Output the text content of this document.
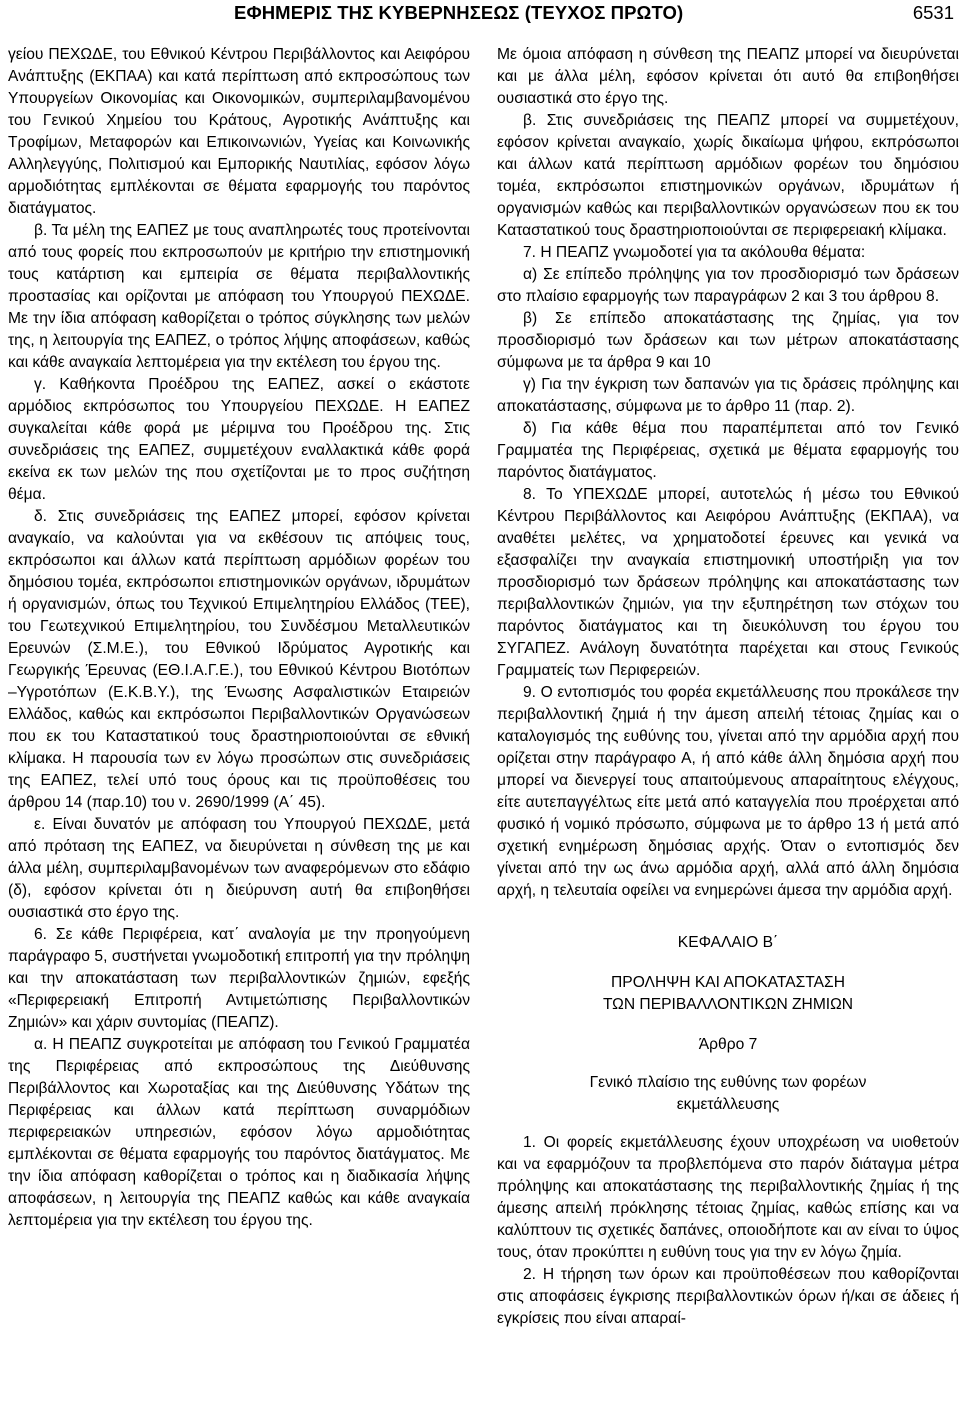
ΕΦΗΜΕΡΙΣ ΤΗΣ ΚΥΒΕΡΝΗΣΕΩΣ (ΤΕΥΧΟΣ ΠΡΩΤΟ)	6531

γείου ΠΕΧΩΔΕ, του Εθνικού Κέντρου Περιβάλλοντος και Αειφόρου Ανάπτυξης (ΕΚΠΑΑ) και κατά περίπτωση από εκπροσώπους των Υπουργείων Οικονομίας και Οικονομικών, συμπεριλαμβανομένου του Γενικού Χημείου του Κράτους, Αγροτικής Ανάπτυξης και Τροφίμων, Μεταφορών και Επικοινωνιών, Υγείας και Κοινωνικής Αλληλεγγύης, Πολιτισμού και Εμπορικής Ναυτιλίας, εφόσον λόγω αρμοδιότητας εμπλέκονται σε θέματα εφαρμογής του παρόντος διατάγματος.

β. Τα μέλη της ΕΑΠΕΖ με τους αναπληρωτές τους προτείνονται από τους φορείς που εκπροσωπούν με κριτήριο την επιστημονική τους κατάρτιση και εμπειρία σε θέματα περιβαλλοντικής προστασίας και ορίζονται με απόφαση του Υπουργού ΠΕΧΩΔΕ. Με την ίδια απόφαση καθορίζεται ο τρόπος σύγκλησης των μελών της, η λειτουργία της ΕΑΠΕΖ, ο τρόπος λήψης αποφάσεων, καθώς και κάθε αναγκαία λεπτομέρεια για την εκτέλεση του έργου της.

γ. Καθήκοντα Προέδρου της ΕΑΠΕΖ, ασκεί ο εκάστοτε αρμόδιος εκπρόσωπος του Υπουργείου ΠΕΧΩΔΕ. Η ΕΑΠΕΖ συγκαλείται κάθε φορά με μέριμνα του Προέδρου της. Στις συνεδριάσεις της ΕΑΠΕΖ, συμμετέχουν εναλλακτικά κάθε φορά εκείνα εκ των μελών της που σχετίζονται με το προς συζήτηση θέμα.

δ. Στις συνεδριάσεις της ΕΑΠΕΖ μπορεί, εφόσον κρίνεται αναγκαίο, να καλούνται για να εκθέσουν τις απόψεις τους, εκπρόσωποι και άλλων κατά περίπτωση αρμόδιων φορέων του δημόσιου τομέα, εκπρόσωποι επιστημονικών οργάνων, ιδρυμάτων ή οργανισμών, όπως του Τεχνικού Επιμελητηρίου Ελλάδος (ΤΕΕ), του Γεωτεχνικού Επιμελητηρίου, του Συνδέσμου Μεταλλευτικών Ερευνών (Σ.Μ.Ε.), του Εθνικού Ιδρύματος Αγροτικής και Γεωργικής Έρευνας (ΕΘ.Ι.Α.Γ.Ε.), του Εθνικού Κέντρου Βιοτόπων –Υγροτόπων (Ε.Κ.Β.Υ.), της Ένωσης Ασφαλιστικών Εταιρειών Ελλάδος, καθώς και εκπρόσωποι Περιβαλλοντικών Οργανώσεων που εκ του Καταστατικού τους δραστηριοποιούνται σε εθνική κλίμακα. Η παρουσία των εν λόγω προσώπων στις συνεδριάσεις της ΕΑΠΕΖ, τελεί υπό τους όρους και τις προϋποθέσεις του άρθρου 14 (παρ.10) του ν. 2690/1999 (Α΄ 45).

ε. Είναι δυνατόν με απόφαση του Υπουργού ΠΕΧΩΔΕ, μετά από πρόταση της ΕΑΠΕΖ, να διευρύνεται η σύνθεση της με και άλλα μέλη, συμπεριλαμβανομένων των αναφερόμενων στο εδάφιο (δ), εφόσον κρίνεται ότι η διεύρυνση αυτή θα επιβοηθήσει ουσιαστικά στο έργο της.

6. Σε κάθε Περιφέρεια, κατ΄ αναλογία με την προηγούμενη παράγραφο 5, συστήνεται γνωμοδοτική επιτροπή για την πρόληψη και την αποκατάσταση των περιβαλλοντικών ζημιών, εφεξής «Περιφερειακή Επιτροπή Αντιμετώπισης Περιβαλλοντικών Ζημιών» και χάριν συντομίας (ΠΕΑΠΖ).

α. Η ΠΕΑΠΖ συγκροτείται με απόφαση του Γενικού Γραμματέα της Περιφέρειας από εκπροσώπους της Διεύθυνσης Περιβάλλοντος και Χωροταξίας και της Διεύθυνσης Υδάτων της Περιφέρειας και άλλων κατά περίπτωση συναρμόδιων περιφερειακών υπηρεσιών, εφόσον λόγω αρμοδιότητας εμπλέκονται σε θέματα εφαρμογής του παρόντος διατάγματος. Με την ίδια απόφαση καθορίζεται ο τρόπος και η διαδικασία λήψης αποφάσεων, η λειτουργία της ΠΕΑΠΖ καθώς και κάθε αναγκαία λεπτομέρεια για την εκτέλεση του έργου της.

Με όμοια απόφαση η σύνθεση της ΠΕΑΠΖ μπορεί να διευρύνεται και με άλλα μέλη, εφόσον κρίνεται ότι αυτό θα επιβοηθήσει ουσιαστικά στο έργο της.

β. Στις συνεδριάσεις της ΠΕΑΠΖ μπορεί να συμμετέχουν, εφόσον κρίνεται αναγκαίο, χωρίς δικαίωμα ψήφου, εκπρόσωποι και άλλων κατά περίπτωση αρμόδιων φορέων του δημόσιου τομέα, εκπρόσωποι επιστημονικών οργάνων, ιδρυμάτων ή οργανισμών καθώς και περιβαλλοντικών οργανώσεων που εκ του Καταστατικού τους δραστηριοποιούνται σε περιφερειακή κλίμακα.

7. Η ΠΕΑΠΖ γνωμοδοτεί για τα ακόλουθα θέματα:

α) Σε επίπεδο πρόληψης για τον προσδιορισμό των δράσεων στο πλαίσιο εφαρμογής των παραγράφων 2 και 3 του άρθρου 8.

β) Σε επίπεδο αποκατάστασης της ζημίας, για τον προσδιορισμό των δράσεων και των μέτρων αποκατάστασης σύμφωνα με τα άρθρα 9 και 10

γ) Για την έγκριση των δαπανών για τις δράσεις πρόληψης και αποκατάστασης, σύμφωνα με το άρθρο 11 (παρ. 2).

δ) Για κάθε θέμα που παραπέμπεται από τον Γενικό Γραμματέα της Περιφέρειας, σχετικά με θέματα εφαρμογής του παρόντος διατάγματος.

8. Το ΥΠΕΧΩΔΕ μπορεί, αυτοτελώς ή μέσω του Εθνικού Κέντρου Περιβάλλοντος και Αειφόρου Ανάπτυξης (ΕΚΠΑΑ), να αναθέτει μελέτες, να χρηματοδοτεί έρευνες και γενικά να εξασφαλίζει την αναγκαία επιστημονική υποστήριξη για τον προσδιορισμό των δράσεων πρόληψης και αποκατάστασης των περιβαλλοντικών ζημιών, για την εξυπηρέτηση των στόχων του παρόντος διατάγματος και τη διευκόλυνση του έργου του ΣΥΓΑΠΕΖ. Ανάλογη δυνατότητα παρέχεται και στους Γενικούς Γραμματείς των Περιφερειών.

9. Ο εντοπισμός του φορέα εκμετάλλευσης που προκάλεσε την περιβαλλοντική ζημιά ή την άμεση απειλή τέτοιας ζημίας και ο καταλογισμός της ευθύνης του, γίνεται από την αρμόδια αρχή που ορίζεται στην παράγραφο Α, ή από κάθε άλλη δημόσια αρχή που μπορεί να διενεργεί τους απαιτούμενους απαραίτητους ελέγχους, είτε αυτεπαγγέλτως είτε μετά από καταγγελία που προέρχεται από φυσικό ή νομικό πρόσωπο, σύμφωνα με το άρθρο 13 ή μετά από σχετική ενημέρωση δημόσιας αρχής. Όταν ο εντοπισμός δεν γίνεται από την ως άνω αρμόδια αρχή, αλλά από άλλη δημόσια αρχή, η τελευταία οφείλει να ενημερώνει άμεσα την αρμόδια αρχή.

ΚΕΦΑΛΑΙΟ Β΄

ΠΡΟΛΗΨΗ ΚΑΙ ΑΠΟΚΑΤΑΣΤΑΣΗ

ΤΩΝ ΠΕΡΙΒΑΛΛΟΝΤΙΚΩΝ ΖΗΜΙΩΝ

Άρθρο 7

Γενικό πλαίσιο της ευθύνης των φορέων

εκμετάλλευσης

1. Οι φορείς εκμετάλλευσης έχουν υποχρέωση να υιοθετούν και να εφαρμόζουν τα προβλεπόμενα στο παρόν διάταγμα μέτρα πρόληψης και αποκατάστασης της περιβαλλοντικής ζημίας ή της άμεσης απειλή πρόκλησης τέτοιας ζημίας, καθώς επίσης και να καλύπτουν τις σχετικές δαπάνες, οποιοδήποτε και αν είναι το ύψος τους, όταν προκύπτει η ευθύνη τους για την εν λόγω ζημία.

2. Η τήρηση των όρων και προϋποθέσεων που καθορίζονται στις αποφάσεις έγκρισης περιβαλλοντικών όρων ή/και σε άδειες ή εγκρίσεις που είναι απαραί-
